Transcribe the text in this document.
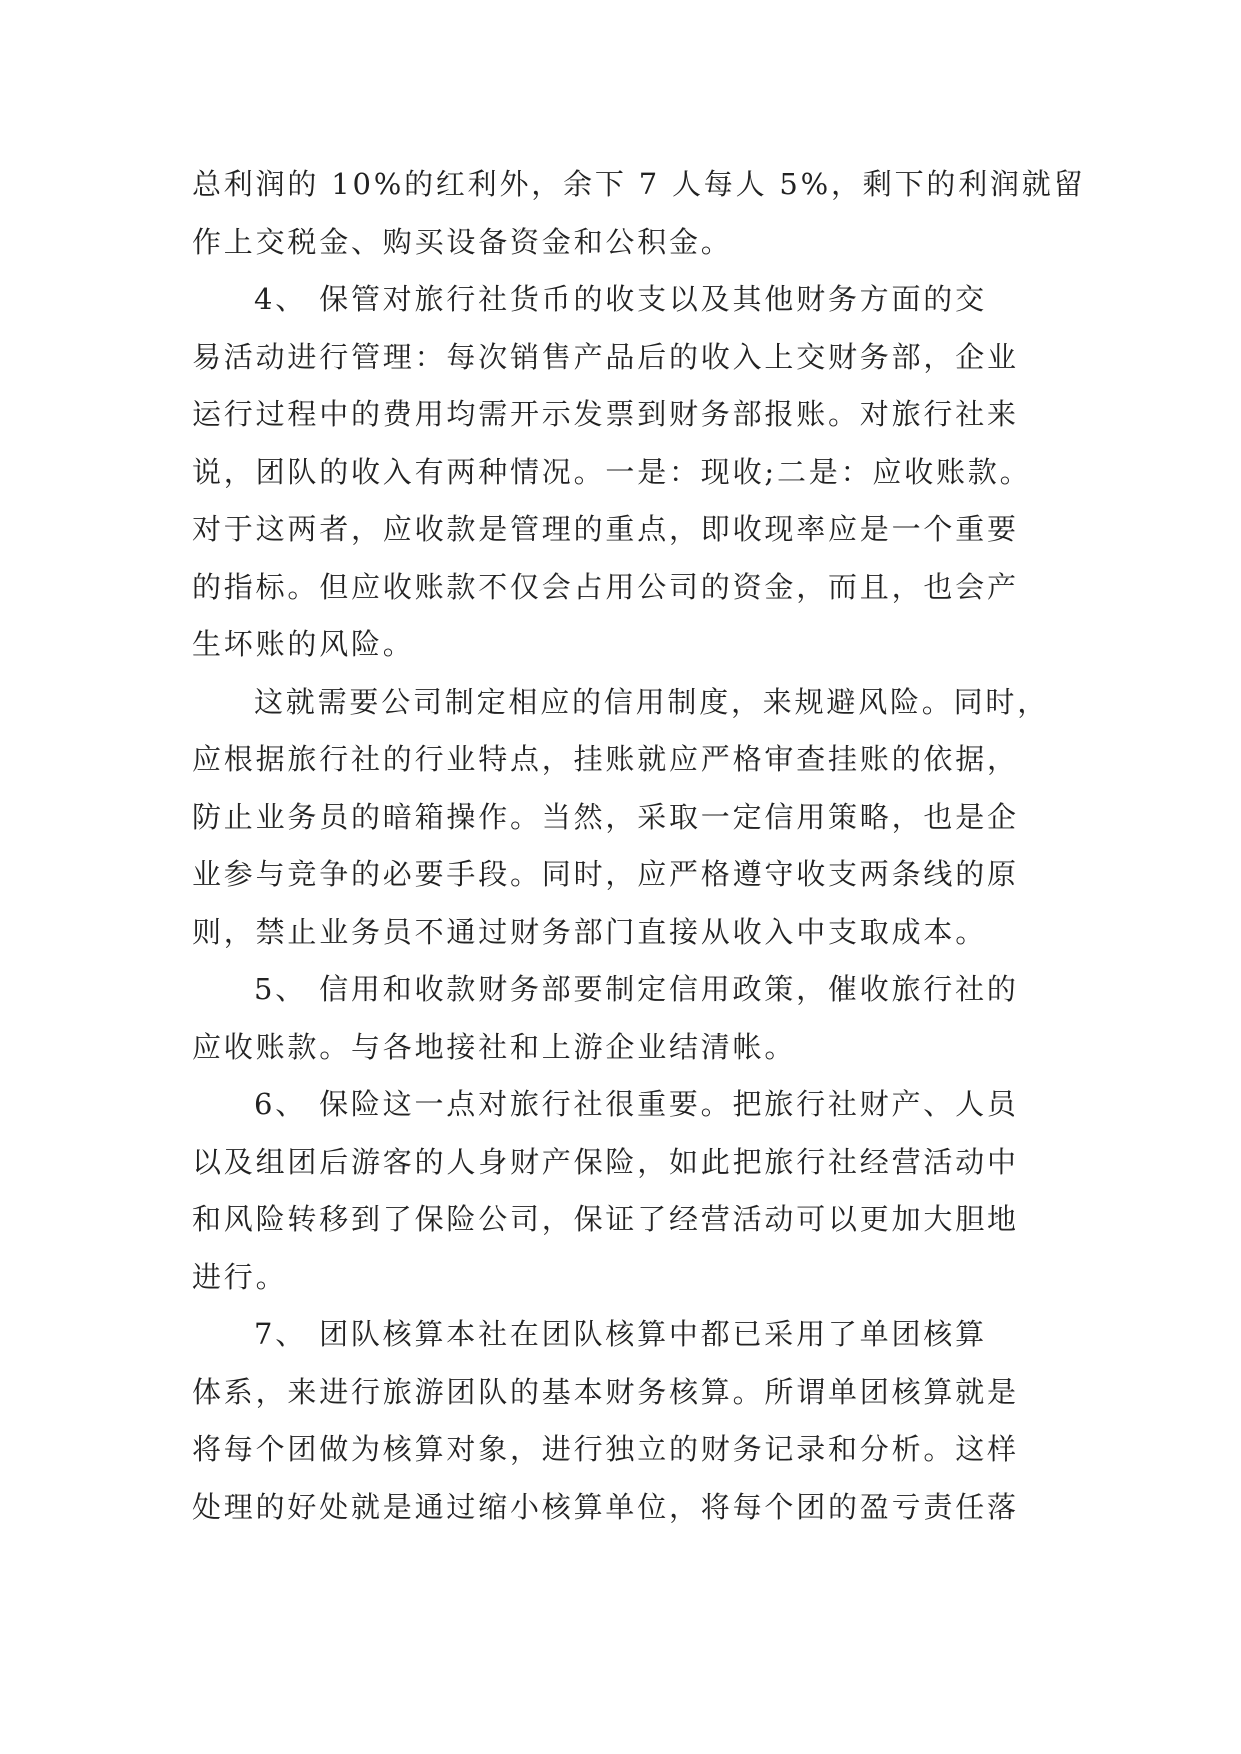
总利润的 10%的红利外，余下 7 人每人 5%，剩下的利润就留
作上交税金、购买设备资金和公积金。
4、 保管对旅行社货币的收支以及其他财务方面的交
易活动进行管理：每次销售产品后的收入上交财务部，企业
运行过程中的费用均需开示发票到财务部报账。对旅行社来
说，团队的收入有两种情况。一是：现收;二是：应收账款。
对于这两者，应收款是管理的重点，即收现率应是一个重要
的指标。但应收账款不仅会占用公司的资金，而且，也会产
生坏账的风险。
这就需要公司制定相应的信用制度，来规避风险。同时，
应根据旅行社的行业特点，挂账就应严格审查挂账的依据，
防止业务员的暗箱操作。当然，采取一定信用策略，也是企
业参与竞争的必要手段。同时，应严格遵守收支两条线的原
则，禁止业务员不通过财务部门直接从收入中支取成本。
5、 信用和收款财务部要制定信用政策，催收旅行社的
应收账款。与各地接社和上游企业结清帐。
6、 保险这一点对旅行社很重要。把旅行社财产、人员
以及组团后游客的人身财产保险，如此把旅行社经营活动中
和风险转移到了保险公司，保证了经营活动可以更加大胆地
进行。
7、 团队核算本社在团队核算中都已采用了单团核算
体系，来进行旅游团队的基本财务核算。所谓单团核算就是
将每个团做为核算对象，进行独立的财务记录和分析。这样
处理的好处就是通过缩小核算单位，将每个团的盈亏责任落
